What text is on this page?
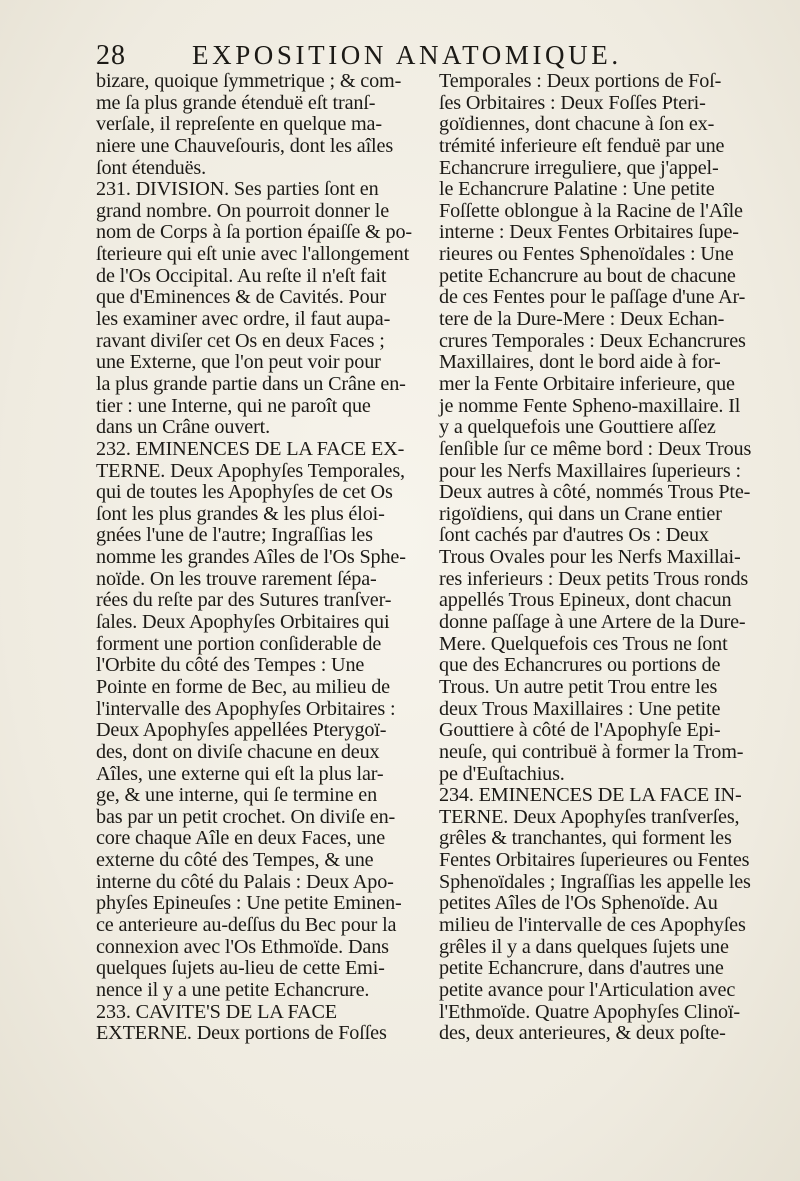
28 EXPOSITION ANATOMIQUE.
bizare, quoique ſymmetrique ; & com-
me ſa plus grande étenduë eſt tranſ-
verſale, il repreſente en quelque ma-
niere une Chauveſouris, dont les aîles
ſont étenduës.
231. DIVISION. Ses parties ſont en
grand nombre. On pourroit donner le
nom de Corps à ſa portion épaiſſe & po-
ſterieure qui eſt unie avec l'allongement
de l'Os Occipital. Au reſte il n'eſt fait
que d'Eminences & de Cavités. Pour
les examiner avec ordre, il faut aupa-
ravant diviſer cet Os en deux Faces ;
une Externe, que l'on peut voir pour
la plus grande partie dans un Crâne en-
tier : une Interne, qui ne paroît que
dans un Crâne ouvert.
232. EMINENCES DE LA FACE EX-
TERNE. Deux Apophyſes Temporales,
qui de toutes les Apophyſes de cet Os
ſont les plus grandes & les plus éloi-
gnées l'une de l'autre; Ingraſſias les
nomme les grandes Aîles de l'Os Sphe-
noïde. On les trouve rarement ſépa-
rées du reſte par des Sutures tranſver-
ſales. Deux Apophyſes Orbitaires qui
forment une portion conſiderable de
l'Orbite du côté des Tempes : Une
Pointe en forme de Bec, au milieu de
l'intervalle des Apophyſes Orbitaires :
Deux Apophyſes appellées Pterygoï-
des, dont on diviſe chacune en deux
Aîles, une externe qui eſt la plus lar-
ge, & une interne, qui ſe termine en
bas par un petit crochet. On diviſe en-
core chaque Aîle en deux Faces, une
externe du côté des Tempes, & une
interne du côté du Palais : Deux Apo-
phyſes Epineuſes : Une petite Eminen-
ce anterieure au-deſſus du Bec pour la
connexion avec l'Os Ethmoïde. Dans
quelques ſujets au-lieu de cette Emi-
nence il y a une petite Echancrure.
233. CAVITE'S DE LA FACE
EXTERNE. Deux portions de Foſſes
Temporales : Deux portions de Foſ-
ſes Orbitaires : Deux Foſſes Pteri-
goïdiennes, dont chacune à ſon ex-
trémité inferieure eſt fenduë par une
Echancrure irreguliere, que j'appel-
le Echancrure Palatine : Une petite
Foſſette oblongue à la Racine de l'Aîle
interne : Deux Fentes Orbitaires ſupe-
rieures ou Fentes Sphenoïdales : Une
petite Echancrure au bout de chacune
de ces Fentes pour le paſſage d'une Ar-
tere de la Dure-Mere : Deux Echan-
crures Temporales : Deux Echancrures
Maxillaires, dont le bord aide à for-
mer la Fente Orbitaire inferieure, que
je nomme Fente Spheno-maxillaire. Il
y a quelquefois une Gouttiere aſſez
ſenſible ſur ce même bord : Deux Trous
pour les Nerfs Maxillaires ſuperieurs :
Deux autres à côté, nommés Trous Pte-
rigoïdiens, qui dans un Crane entier
ſont cachés par d'autres Os : Deux
Trous Ovales pour les Nerfs Maxillai-
res inferieurs : Deux petits Trous ronds
appellés Trous Epineux, dont chacun
donne paſſage à une Artere de la Dure-
Mere. Quelquefois ces Trous ne ſont
que des Echancrures ou portions de
Trous. Un autre petit Trou entre les
deux Trous Maxillaires : Une petite
Gouttiere à côté de l'Apophyſe Epi-
neuſe, qui contribuë à former la Trom-
pe d'Euſtachius.
234. EMINENCES DE LA FACE IN-
TERNE. Deux Apophyſes tranſverſes,
grêles & tranchantes, qui forment les
Fentes Orbitaires ſuperieures ou Fentes
Sphenoïdales ; Ingraſſias les appelle les
petites Aîles de l'Os Sphenoïde. Au
milieu de l'intervalle de ces Apophyſes
grêles il y a dans quelques ſujets une
petite Echancrure, dans d'autres une
petite avance pour l'Articulation avec
l'Ethmoïde. Quatre Apophyſes Clinoï-
des, deux anterieures, & deux poſte-
